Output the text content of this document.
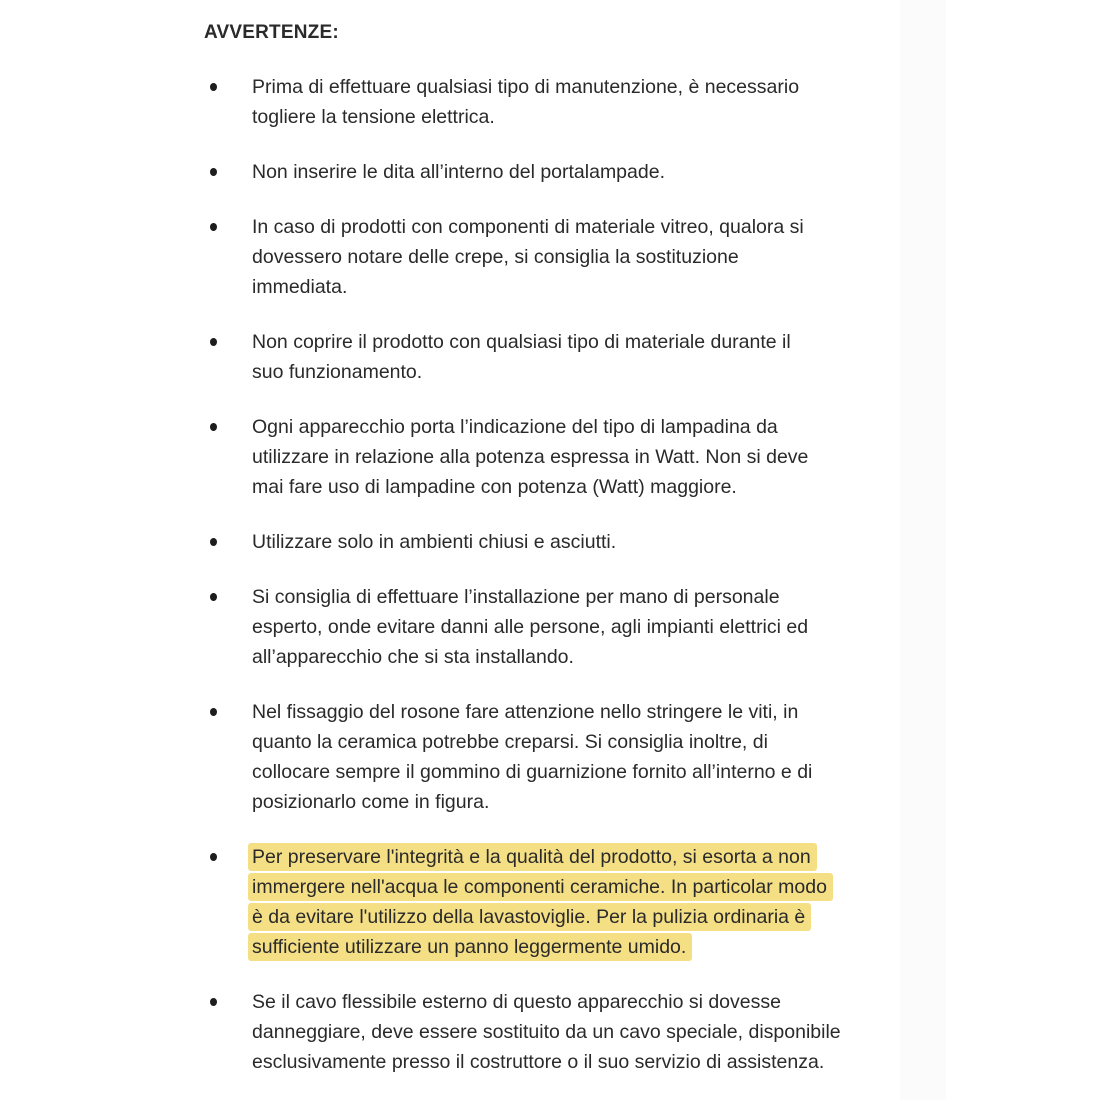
AVVERTENZE:
Prima di effettuare qualsiasi tipo di manutenzione, è necessario
togliere la tensione elettrica.
Non inserire le dita all’interno del portalampade.
In caso di prodotti con componenti di materiale vitreo, qualora si
dovessero notare delle crepe, si consiglia la sostituzione
immediata.
Non coprire il prodotto con qualsiasi tipo di materiale durante il
suo funzionamento.
Ogni apparecchio porta l’indicazione del tipo di lampadina da
utilizzare in relazione alla potenza espressa in Watt. Non si deve
mai fare uso di lampadine con potenza (Watt) maggiore.
Utilizzare solo in ambienti chiusi e asciutti.
Si consiglia di effettuare l’installazione per mano di personale
esperto, onde evitare danni alle persone, agli impianti elettrici ed
all’apparecchio che si sta installando.
Nel fissaggio del rosone fare attenzione nello stringere le viti, in
quanto la ceramica potrebbe creparsi. Si consiglia inoltre, di
collocare sempre il gommino di guarnizione fornito all’interno e di
posizionarlo come in figura.
Per preservare l'integrità e la qualità del prodotto, si esorta a non
immergere nell'acqua le componenti ceramiche. In particolar modo
è da evitare l'utilizzo della lavastoviglie. Per la pulizia ordinaria è
sufficiente utilizzare un panno leggermente umido.
Se il cavo flessibile esterno di questo apparecchio si dovesse
danneggiare, deve essere sostituito da un cavo speciale, disponibile
esclusivamente presso il costruttore o il suo servizio di assistenza.
